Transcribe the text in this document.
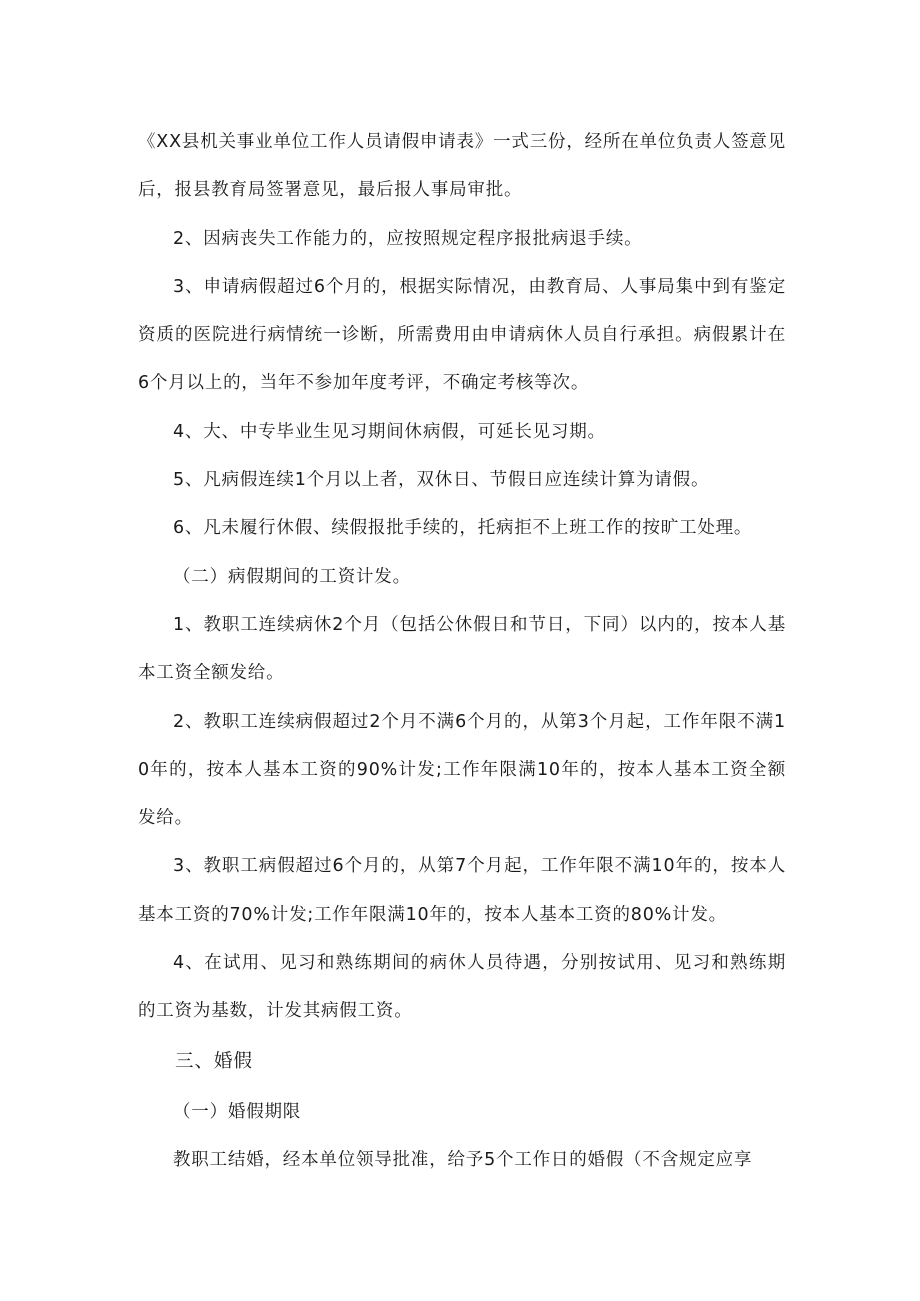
《XX县机关事业单位工作人员请假申请表》一式三份，经所在单位负责人签意见后，报县教育局签署意见，最后报人事局审批。

2、因病丧失工作能力的，应按照规定程序报批病退手续。

3、申请病假超过6个月的，根据实际情况，由教育局、人事局集中到有鉴定资质的医院进行病情统一诊断，所需费用由申请病休人员自行承担。病假累计在6个月以上的，当年不参加年度考评，不确定考核等次。

4、大、中专毕业生见习期间休病假，可延长见习期。

5、凡病假连续1个月以上者，双休日、节假日应连续计算为请假。

6、凡未履行休假、续假报批手续的，托病拒不上班工作的按旷工处理。

（二）病假期间的工资计发。

1、教职工连续病休2个月（包括公休假日和节日，下同）以内的，按本人基本工资全额发给。

2、教职工连续病假超过2个月不满6个月的，从第3个月起，工作年限不满10年的，按本人基本工资的90%计发;工作年限满10年的，按本人基本工资全额发给。

3、教职工病假超过6个月的，从第7个月起，工作年限不满10年的，按本人基本工资的70%计发;工作年限满10年的，按本人基本工资的80%计发。

4、在试用、见习和熟练期间的病休人员待遇，分别按试用、见习和熟练期的工资为基数，计发其病假工资。

三、婚假

（一）婚假期限

教职工结婚，经本单位领导批准，给予5个工作日的婚假（不含规定应享
